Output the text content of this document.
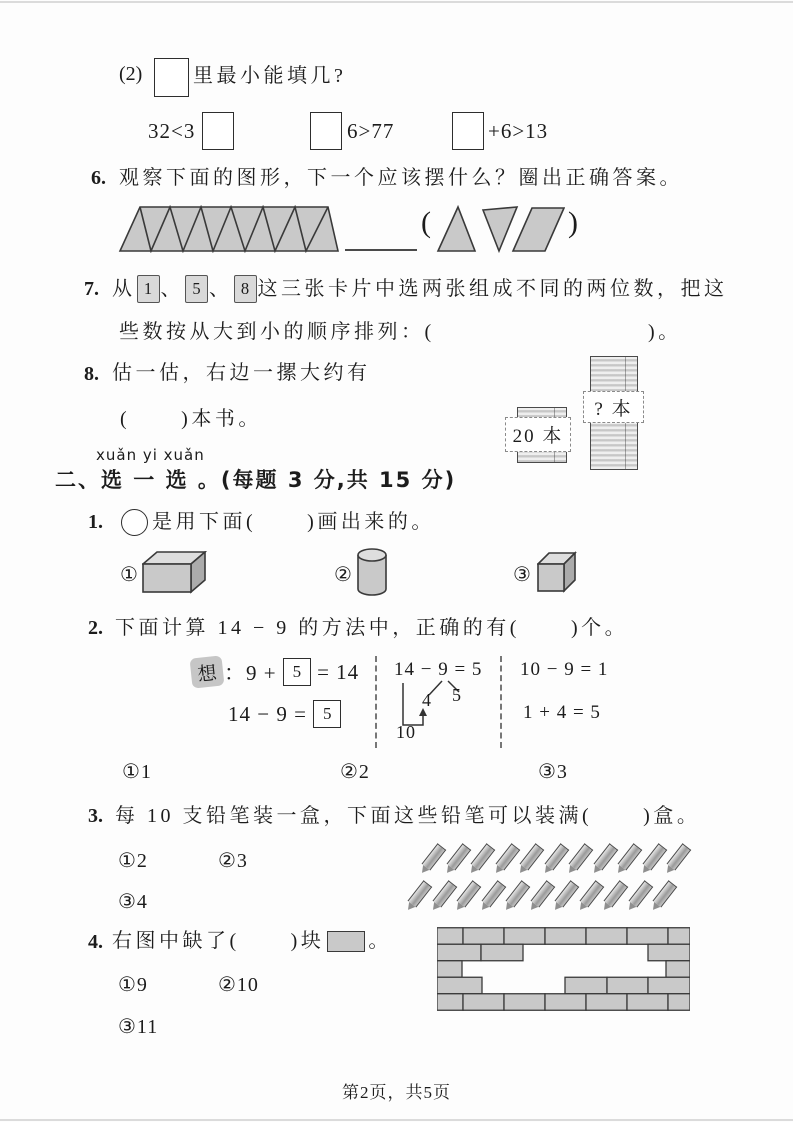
(2)	里最小能填几?
32<3	6>77	+6>13
6. 观察下面的图形，下一个应该摆什么？圈出正确答案。
(	)
7. 从 1 、 5 、 8 这三张卡片中选两张组成不同的两位数，把这
些数按从大到小的顺序排列：(	)。
8. 估一估，右边一摞大约有
(      )本书。
20 本
? 本
xuǎn yi xuǎn
二、选 一 选 。(每题 3 分,共 15 分)
1. 是用下面(      )画出来的。
①	②	③
2. 下面计算 14 − 9 的方法中，正确的有(      )个。
想 ：9 + 5 = 14
14 − 9 = 5
14 − 9 = 5
4 5
10
10 − 9 = 1
1 + 4 = 5
①1	②2	③3
3. 每 10 支铅笔装一盒，下面这些铅笔可以装满(      )盒。
①2	②3
③4
4. 右图中缺了(      )块 。
①9	②10
③11
第2页，共5页
